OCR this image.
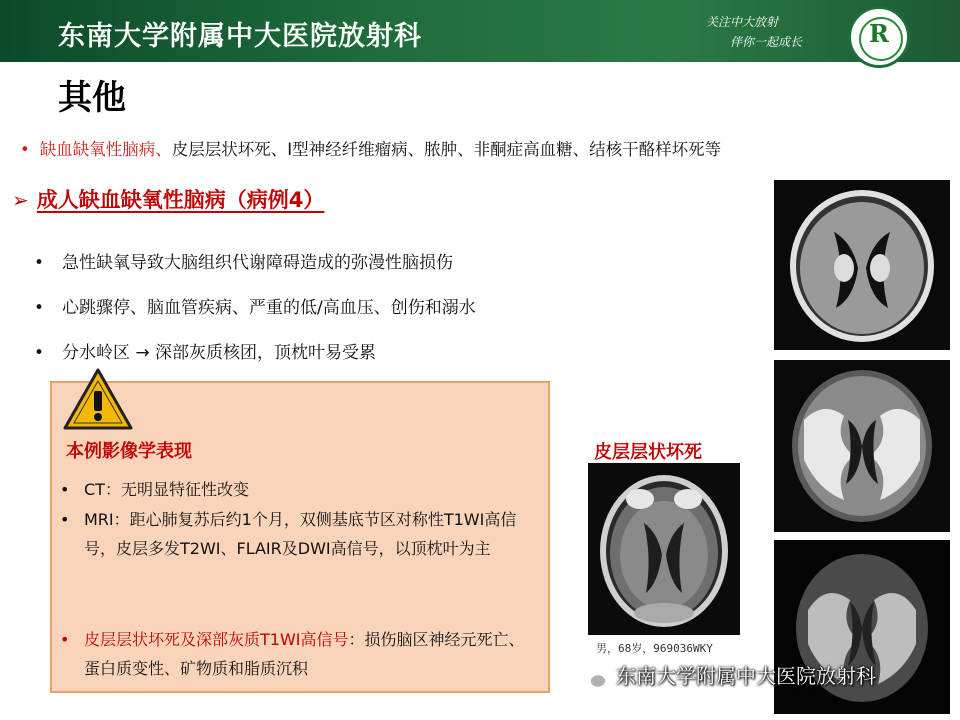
东南大学附属中大医院放射科	关注中大放射
伴你一起成长	R
其他
• 缺血缺氧性脑病、皮层层状坏死、I型神经纤维瘤病、脓肿、非酮症高血糖、结核干酪样坏死等
➢ 成人缺血缺氧性脑病（病例4）
• 急性缺氧导致大脑组织代谢障碍造成的弥漫性脑损伤
• 心跳骤停、脑血管疾病、严重的低/高血压、创伤和溺水
• 分水岭区 → 深部灰质核团，顶枕叶易受累
本例影像学表现
• CT：无明显特征性改变
• MRI：距心肺复苏后约1个月，双侧基底节区对称性T1WI高信号，皮层多发T2WI、FLAIR及DWI高信号，以顶枕叶为主
• 皮层层状坏死及深部灰质T1WI高信号：损伤脑区神经元死亡、蛋白质变性、矿物质和脂质沉积
皮层层状坏死
男，68岁，969036WKY
东南大学附属中大医院放射科
